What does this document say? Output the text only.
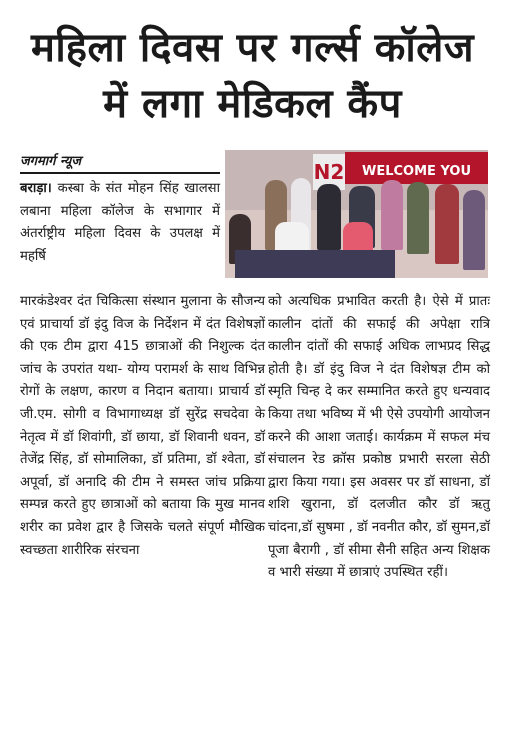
महिला दिवस पर गर्ल्स कॉलेज
में लगा मेडिकल कैंप
जगमार्ग न्यूज	N2	WELCOME YOU

बराड़ा। कस्बा के संत मोहन सिंह खालसा लबाना महिला कॉलेज के सभागार में अंतर्राष्ट्रीय महिला दिवस के उपलक्ष में महर्षि

मारकंडेश्वर दंत चिकित्सा संस्थान मुलाना के सौजन्य एवं प्राचार्या डॉ इंदु विज के निर्देशन में दंत विशेषज्ञों की एक टीम द्वारा 415 छात्राओं की निशुल्क दंत जांच के उपरांत यथा- योग्य परामर्श के साथ विभिन्न रोगों के लक्षण, कारण व निदान बताया। प्राचार्य डॉ जी.एम. सोगी व विभागाध्यक्ष डॉ सुरेंद्र सचदेवा के नेतृत्व में डॉ शिवांगी, डॉ छाया, डॉ शिवानी धवन, डॉ तेजेंद्र सिंह, डॉ सोमालिका, डॉ प्रतिमा, डॉ श्वेता, डॉ अपूर्वा, डॉ अनादि की टीम ने समस्त जांच प्रक्रिया सम्पन्न करते हुए छात्राओं को बताया कि मुख मानव शरीर का प्रवेश द्वार है जिसके चलते संपूर्ण मौखिक स्वच्छता शारीरिक संरचना

को अत्यधिक प्रभावित करती है। ऐसे में प्रातः कालीन दांतों की सफाई की अपेक्षा रात्रि कालीन दांतों की सफाई अधिक लाभप्रद सिद्ध होती है। डॉ इंदु विज ने दंत विशेषज्ञ टीम को स्मृति चिन्ह दे कर सम्मानित करते हुए धन्यवाद किया तथा भविष्य में भी ऐसे उपयोगी आयोजन करने की आशा जताई। कार्यक्रम में सफल मंच संचालन रेड क्रॉस प्रकोष्ठ प्रभारी सरला सेठी द्वारा किया गया। इस अवसर पर डॉ साधना, डॉ शशि खुराना, डॉ दलजीत कौर डॉ ऋतु चांदना,डॉ सुषमा , डॉ नवनीत कौर, डॉ सुमन,डॉ पूजा बैरागी , डॉ सीमा सैनी सहित अन्य शिक्षक व भारी संख्या में छात्राएं उपस्थित रहीं।
